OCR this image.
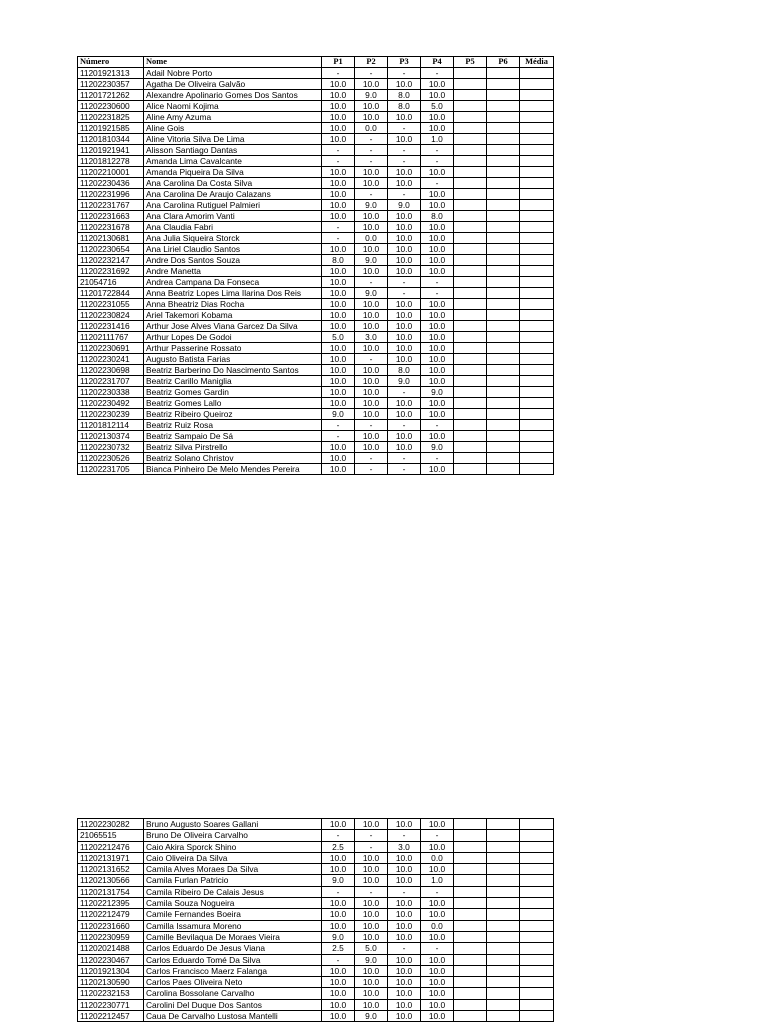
Número	Nome	P1	P2	P3	P4	P5	P6	Média
11201921313	Adail Nobre Porto	-	-	-	-			
11202230357	Agatha De Oliveira Galvão	10.0	10.0	10.0	10.0			
11201721262	Alexandre Apolinario Gomes Dos Santos	10.0	9.0	8.0	10.0			
11202230600	Alice Naomi Kojima	10.0	10.0	8.0	5.0			
11202231825	Aline Amy Azuma	10.0	10.0	10.0	10.0			
11201921585	Aline Gois	10.0	0.0	-	10.0			
11201810344	Aline Vitoria Silva De Lima	10.0	-	10.0	1.0			
11201921941	Alisson Santiago Dantas	-	-	-	-			
11201812278	Amanda Lima Cavalcante	-	-	-	-			
11202210001	Amanda Piqueira Da Silva	10.0	10.0	10.0	10.0			
11202230436	Ana Carolina Da Costa Silva	10.0	10.0	10.0	-			
11202231996	Ana Carolina De Araujo Calazans	10.0	-	-	10.0			
11202231767	Ana Carolina Rutiguel Palmieri	10.0	9.0	9.0	10.0			
11202231663	Ana Clara Amorim Vanti	10.0	10.0	10.0	8.0			
11202231678	Ana Claudia Fabri	-	10.0	10.0	10.0			
11202130681	Ana Julia Siqueira Storck	-	0.0	10.0	10.0			
11202230654	Ana Liriel Claudio Santos	10.0	10.0	10.0	10.0			
11202232147	Andre Dos Santos Souza	8.0	9.0	10.0	10.0			
11202231692	Andre Manetta	10.0	10.0	10.0	10.0			
21054716	Andrea Campana Da Fonseca	10.0	-	-	-			
11201722844	Anna Beatriz Lopes Lima Ilarina Dos Reis	10.0	9.0	-	-			
11202231055	Anna Bheatriz Dias Rocha	10.0	10.0	10.0	10.0			
11202230824	Ariel Takemori Kobama	10.0	10.0	10.0	10.0			
11202231416	Arthur Jose Alves Viana Garcez Da Silva	10.0	10.0	10.0	10.0			
11202111767	Arthur Lopes De Godoi	5.0	3.0	10.0	10.0			
11202230691	Arthur Passerine Rossato	10.0	10.0	10.0	10.0			
11202230241	Augusto Batista Farias	10.0	-	10.0	10.0			
11202230698	Beatriz Barberino Do Nascimento Santos	10.0	10.0	8.0	10.0			
11202231707	Beatriz Carillo Maniglia	10.0	10.0	9.0	10.0			
11202230338	Beatriz Gomes Gardin	10.0	10.0	-	9.0			
11202230492	Beatriz Gomes Lallo	10.0	10.0	10.0	10.0			
11202230239	Beatriz Ribeiro Queiroz	9.0	10.0	10.0	10.0			
11201812114	Beatriz Ruiz Rosa	-	-	-	-			
11202130374	Beatriz Sampaio De Sá	-	10.0	10.0	10.0			
11202230732	Beatriz Silva Pirstrello	10.0	10.0	10.0	9.0			
11202230526	Beatriz Solano Christov	10.0	-	-	-			
11202231705	Bianca Pinheiro De Melo Mendes Pereira	10.0	-	-	10.0			
11202230282	Bruno Augusto Soares Gallani	10.0	10.0	10.0	10.0			
21065515	Bruno De Oliveira Carvalho	-	-	-	-			
11202212476	Caio Akira Sporck Shino	2.5	-	3.0	10.0			
11202131971	Caio Oliveira Da Silva	10.0	10.0	10.0	0.0			
11202131652	Camila Alves Moraes Da Silva	10.0	10.0	10.0	10.0			
11202130566	Camila Furlan Patricio	9.0	10.0	10.0	1.0			
11202131754	Camila Ribeiro De Calais Jesus	-	-	-	-			
11202212395	Camila Souza Nogueira	10.0	10.0	10.0	10.0			
11202212479	Camile Fernandes Boeira	10.0	10.0	10.0	10.0			
11202231660	Camilla Issamura Moreno	10.0	10.0	10.0	0.0			
11202230959	Camille Bevilaqua De Moraes Vieira	9.0	10.0	10.0	10.0			
11202021488	Carlos Eduardo De Jesus Viana	2.5	5.0	-	-			
11202230467	Carlos Eduardo Tomé Da Silva	-	9.0	10.0	10.0			
11201921304	Carlos Francisco Maerz Falanga	10.0	10.0	10.0	10.0			
11202130590	Carlos Paes Oliveira Neto	10.0	10.0	10.0	10.0			
11202232153	Carolina Bossolane Carvalho	10.0	10.0	10.0	10.0			
11202230771	Carolini Del Duque Dos Santos	10.0	10.0	10.0	10.0			
11202212457	Caua De Carvalho Lustosa Mantelli	10.0	9.0	10.0	10.0			
